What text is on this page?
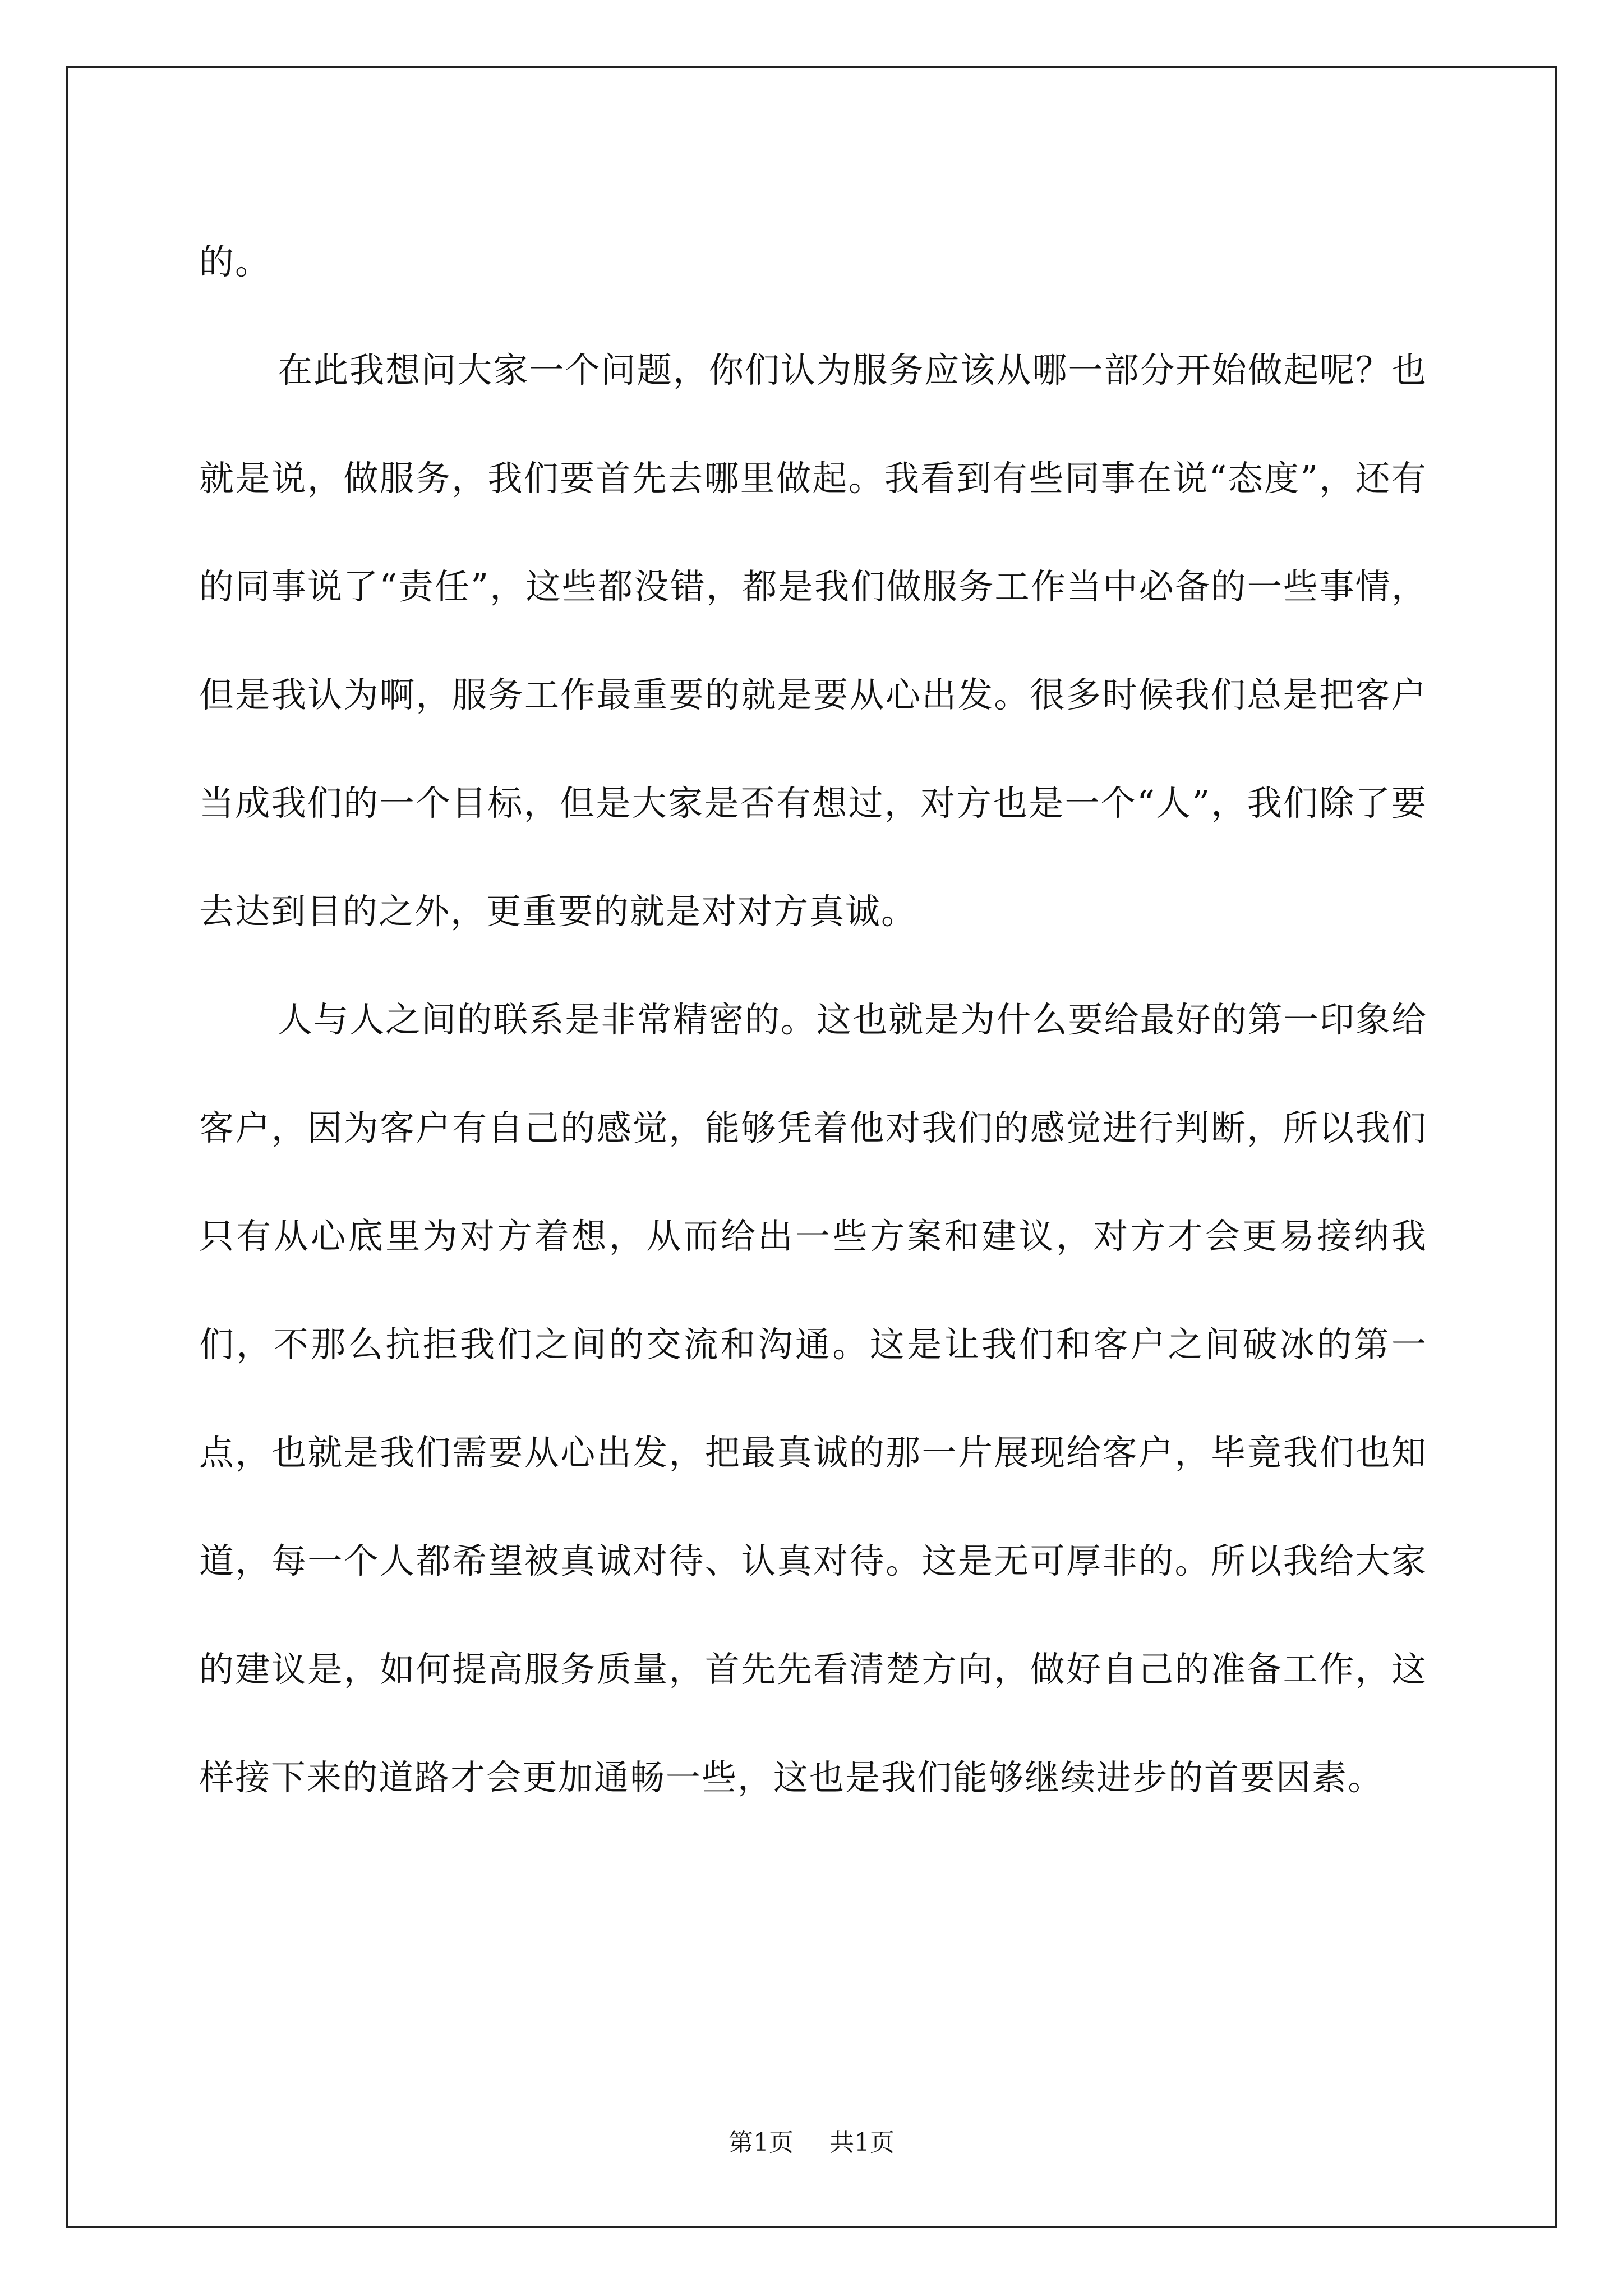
的。

在此我想问大家一个问题，你们认为服务应该从哪一部分开始做起呢？也就是说，做服务，我们要首先去哪里做起。我看到有些同事在说“态度”，还有的同事说了“责任”，这些都没错，都是我们做服务工作当中必备的一些事情，但是我认为啊，服务工作最重要的就是要从心出发。很多时候我们总是把客户当成我们的一个目标，但是大家是否有想过，对方也是一个“人”，我们除了要去达到目的之外，更重要的就是对对方真诚。

人与人之间的联系是非常精密的。这也就是为什么要给最好的第一印象给客户，因为客户有自己的感觉，能够凭着他对我们的感觉进行判断，所以我们只有从心底里为对方着想，从而给出一些方案和建议，对方才会更易接纳我们，不那么抗拒我们之间的交流和沟通。这是让我们和客户之间破冰的第一点，也就是我们需要从心出发，把最真诚的那一片展现给客户，毕竟我们也知道，每一个人都希望被真诚对待、认真对待。这是无可厚非的。所以我给大家的建议是，如何提高服务质量，首先先看清楚方向，做好自己的准备工作，这样接下来的道路才会更加通畅一些，这也是我们能够继续进步的首要因素。

第1页 共1页
